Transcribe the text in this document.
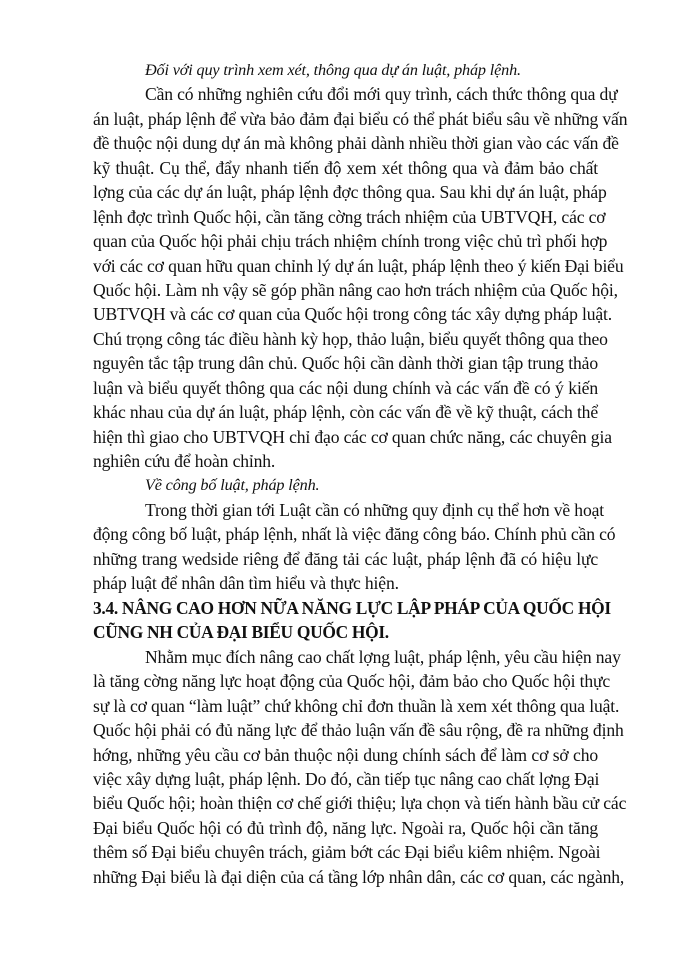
Đối với quy trình xem xét, thông qua dự án luật, pháp lệnh.
Cần có những nghiên cứu đổi mới quy trình, cách thức thông qua dự
án luật, pháp lệnh để vừa bảo đảm đại biểu có thể phát biểu sâu về những vấn
đề thuộc nội dung dự án mà không phải dành nhiều thời gian vào các vấn đề
kỹ thuật. Cụ thể, đẩy nhanh tiến độ xem xét thông qua và đảm bảo chất
lợng của các dự án luật, pháp lệnh đợc thông qua. Sau khi dự án luật, pháp
lệnh đợc trình Quốc hội, cần tăng cờng trách nhiệm của UBTVQH, các cơ
quan của Quốc hội phải chịu trách nhiệm chính trong việc chủ trì phối hợp
với các cơ quan hữu quan chỉnh lý dự án luật, pháp lệnh theo ý kiến Đại biểu
Quốc hội. Làm nh vậy sẽ góp phần nâng cao hơn trách nhiệm của Quốc hội,
UBTVQH và các cơ quan của Quốc hội trong công tác xây dựng pháp luật.
Chú trọng công tác điều hành kỳ họp, thảo luận, biểu quyết thông qua theo
nguyên tắc tập trung dân chủ. Quốc hội cần dành thời gian tập trung thảo
luận và biểu quyết thông qua các nội dung chính và các vấn đề có ý kiến
khác nhau của dự án luật, pháp lệnh, còn các vấn đề về kỹ thuật, cách thể
hiện thì giao cho UBTVQH chỉ đạo các cơ quan chức năng, các chuyên gia
nghiên cứu để hoàn chỉnh.
Về công bố luật, pháp lệnh.
Trong thời gian tới Luật cần có những quy định cụ thể hơn về hoạt
động công bố luật, pháp lệnh, nhất là việc đăng công báo. Chính phủ cần có
những trang wedside riêng để đăng tải các luật, pháp lệnh đã có hiệu lực
pháp luật để nhân dân tìm hiểu và thực hiện.
3.4. NÂNG CAO HƠN NỮA NĂNG LỰC LẬP PHÁP CỦA QUỐC HỘI
CŨNG NH CỦA ĐẠI BIỂU QUỐC HỘI.
Nhằm mục đích nâng cao chất lợng luật, pháp lệnh, yêu cầu hiện nay
là tăng cờng năng lực hoạt động của Quốc hội, đảm bảo cho Quốc hội thực
sự là cơ quan “làm luật” chứ không chỉ đơn thuần là xem xét thông qua luật.
Quốc hội phải có đủ năng lực để thảo luận vấn đề sâu rộng, đề ra những định
hớng, những yêu cầu cơ bản thuộc nội dung chính sách để làm cơ sở cho
việc xây dựng luật, pháp lệnh. Do đó, cần tiếp tục nâng cao chất lợng Đại
biểu Quốc hội; hoàn thiện cơ chế giới thiệu; lựa chọn và tiến hành bầu cử các
Đại biểu Quốc hội có đủ trình độ, năng lực. Ngoài ra, Quốc hội cần tăng
thêm số Đại biểu chuyên trách, giảm bớt các Đại biểu kiêm nhiệm. Ngoài
những Đại biểu là đại diện của cá tầng lớp nhân dân, các cơ quan, các ngành,
